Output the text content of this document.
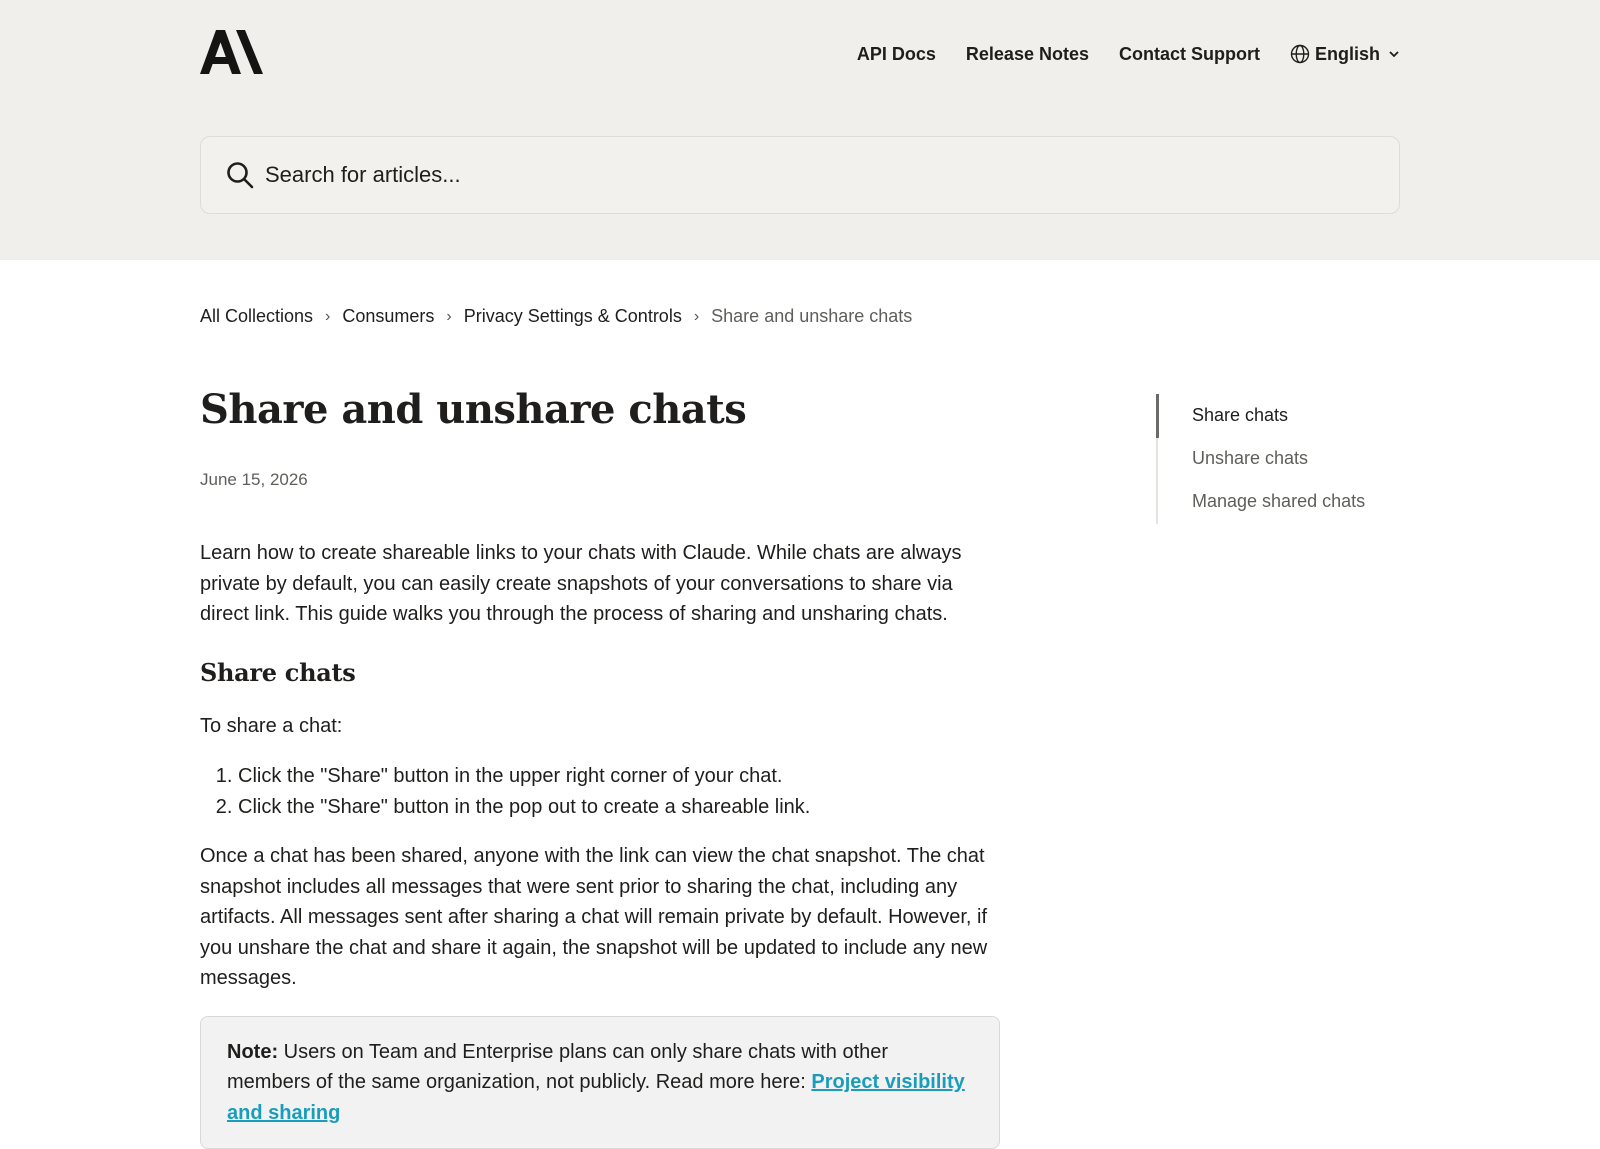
API Docs Release Notes Contact Support	English
Search for articles...
All Collections › Consumers › Privacy Settings & Controls › Share and unshare chats
Share and unshare chats
June 15, 2026

Learn how to create shareable links to your chats with Claude. While chats are always private by default, you can easily create snapshots of your conversations to share via direct link. This guide walks you through the process of sharing and unsharing chats.

Share chats

To share a chat:

1. Click the "Share" button in the upper right corner of your chat.
2. Click the "Share" button in the pop out to create a shareable link.

Once a chat has been shared, anyone with the link can view the chat snapshot. The chat snapshot includes all messages that were sent prior to sharing the chat, including any artifacts. All messages sent after sharing a chat will remain private by default. However, if you unshare the chat and share it again, the snapshot will be updated to include any new messages.

Note: Users on Team and Enterprise plans can only share chats with other members of the same organization, not publicly. Read more here: Project visibility and sharing
Share chats
Unshare chats
Manage shared chats
